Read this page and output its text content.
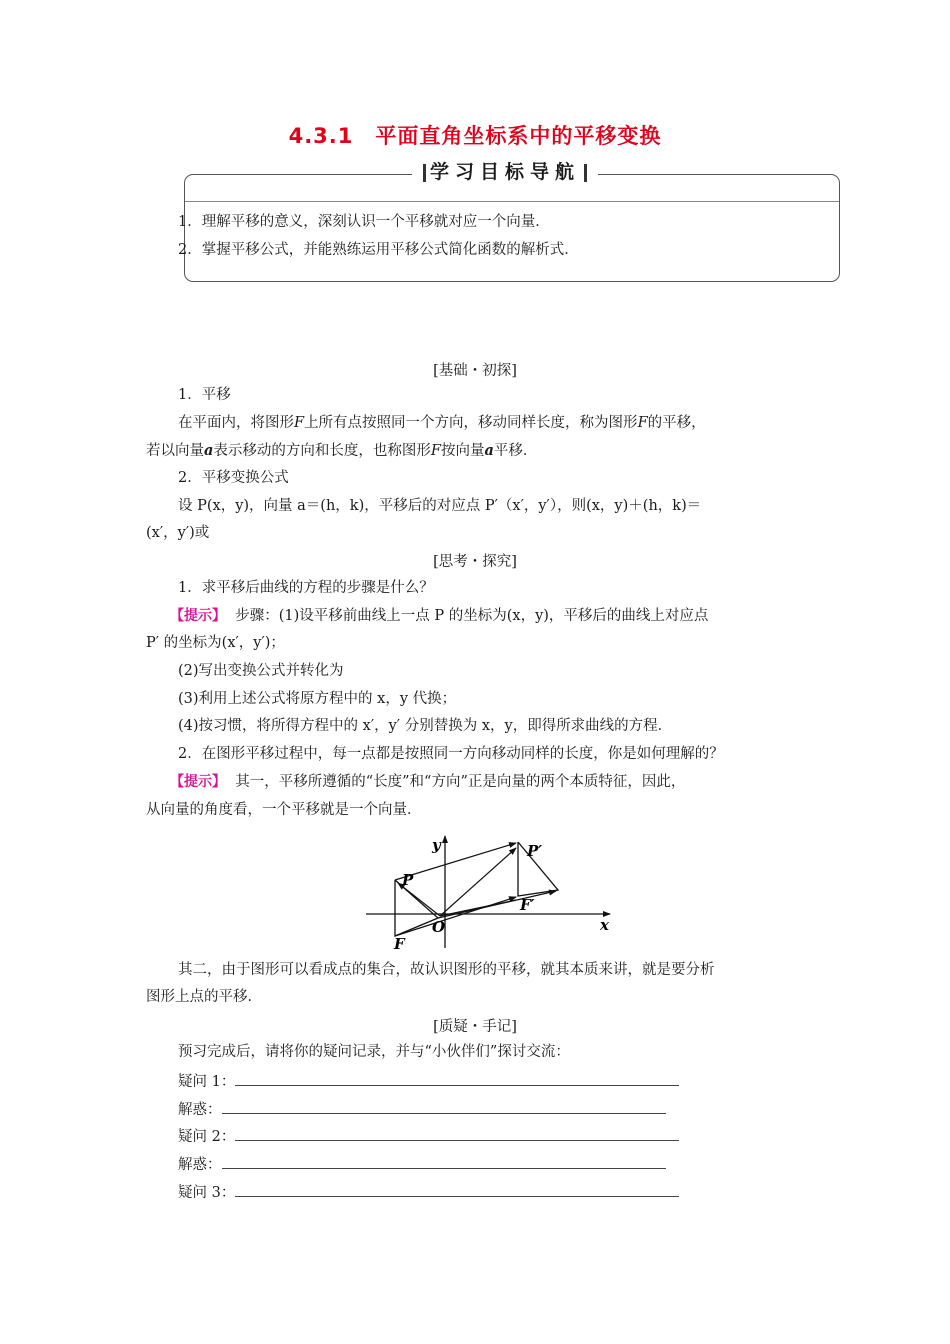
4.3.1　平面直角坐标系中的平移变换
学习目标导航
1．理解平移的意义，深刻认识一个平移就对应一个向量．
2．掌握平移公式，并能熟练运用平移公式简化函数的解析式．
[基础・初探]
1．平移
在平面内，将图形F上所有点按照同一个方向，移动同样长度，称为图形F的平移，
若以向量a表示移动的方向和长度，也称图形F按向量a平移．
2．平移变换公式
设 P(x，y)，向量 a＝(h，k)，平移后的对应点 P′（x′，y′），则(x，y)＋(h，k)＝
(x′，y′)或
[思考・探究]
1．求平移后曲线的方程的步骤是什么？
【提示】 步骤：(1)设平移前曲线上一点 P 的坐标为(x，y)，平移后的曲线上对应点
P′ 的坐标为(x′，y′)；
(2)写出变换公式并转化为
(3)利用上述公式将原方程中的 x，y 代换；
(4)按习惯，将所得方程中的 x′，y′ 分别替换为 x，y，即得所求曲线的方程．
2．在图形平移过程中，每一点都是按照同一方向移动同样的长度，你是如何理解的？
【提示】 其一，平移所遵循的“长度”和“方向”正是向量的两个本质特征，因此，
从向量的角度看，一个平移就是一个向量．
y
x
O
P
P′
F
F′
其二，由于图形可以看成点的集合，故认识图形的平移，就其本质来讲，就是要分析
图形上点的平移．
[质疑・手记]
预习完成后，请将你的疑问记录，并与“小伙伴们”探讨交流：
疑问 1：
解惑：
疑问 2：
解惑：
疑问 3：
